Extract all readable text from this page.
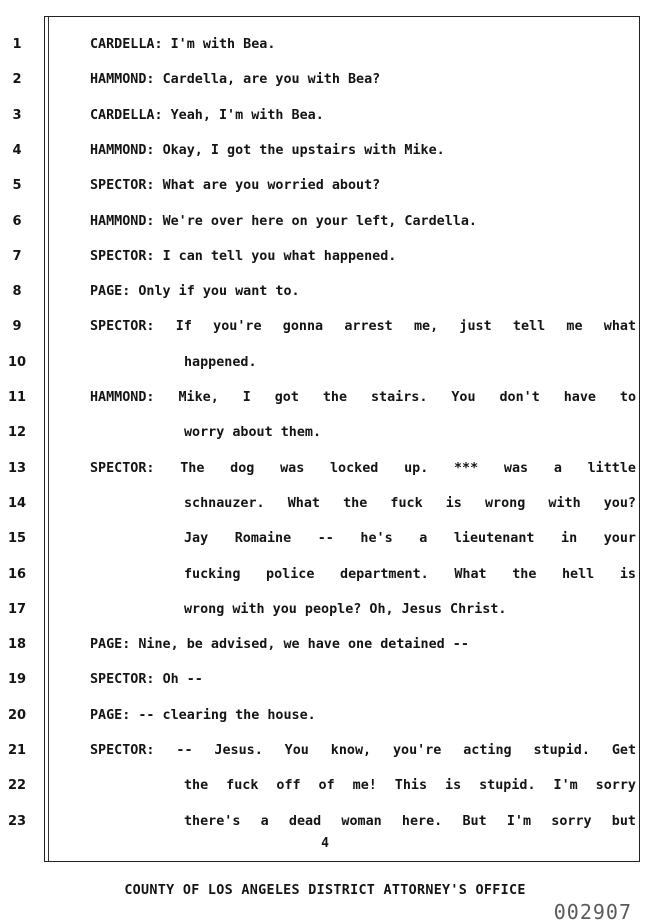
1	CARDELLA: I'm with Bea.
2	HAMMOND: Cardella, are you with Bea?
3	CARDELLA: Yeah, I'm with Bea.
4	HAMMOND: Okay, I got the upstairs with Mike.
5	SPECTOR: What are you worried about?
6	HAMMOND: We're over here on your left, Cardella.
7	SPECTOR: I can tell you what happened.
8	PAGE: Only if you want to.
9	SPECTOR: If you're gonna arrest me, just tell me what
10	happened.
11	HAMMOND: Mike, I got the stairs. You don't have to
12	worry about them.
13	SPECTOR: The dog was locked up. *** was a little
14	schnauzer. What the fuck is wrong with you?
15	Jay Romaine -- he's a lieutenant in your
16	fucking police department. What the hell is
17	wrong with you people? Oh, Jesus Christ.
18	PAGE: Nine, be advised, we have one detained --
19	SPECTOR: Oh --
20	PAGE: -- clearing the house.
21	SPECTOR: -- Jesus. You know, you're acting stupid. Get
22	the fuck off of me! This is stupid. I'm sorry
23	there's a dead woman here. But I'm sorry but
4
COUNTY OF LOS ANGELES DISTRICT ATTORNEY'S OFFICE
002907
